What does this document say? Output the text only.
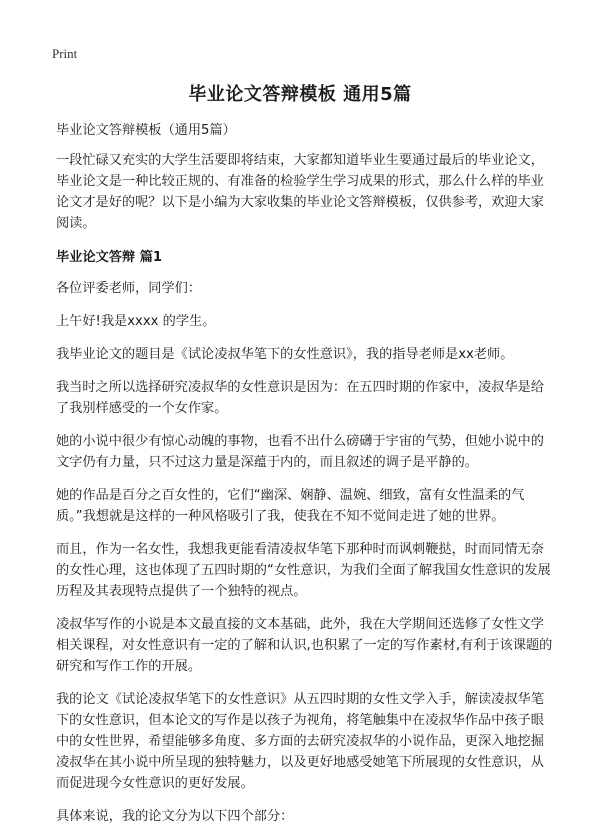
Print
毕业论文答辩模板 通用5篇

毕业论文答辩模板（通用5篇）

一段忙碌又充实的大学生活要即将结束，大家都知道毕业生要通过最后的毕业论文，毕业论文是一种比较正规的、有准备的检验学生学习成果的形式，那么什么样的毕业论文才是好的呢？以下是小编为大家收集的毕业论文答辩模板，仅供参考，欢迎大家阅读。

毕业论文答辩 篇1

各位评委老师，同学们：

上午好!我是xxxx 的学生。

我毕业论文的题目是《试论凌叔华笔下的女性意识》，我的指导老师是xx老师。

我当时之所以选择研究凌叔华的女性意识是因为：在五四时期的作家中，凌叔华是给了我别样感受的一个女作家。

她的小说中很少有惊心动魄的事物，也看不出什么磅礴于宇宙的气势，但她小说中的文字仍有力量，只不过这力量是深蕴于内的，而且叙述的调子是平静的。

她的作品是百分之百女性的，它们“幽深、娴静、温婉、细致，富有女性温柔的气质。”我想就是这样的一种风格吸引了我，使我在不知不觉间走进了她的世界。

而且，作为一名女性，我想我更能看清凌叔华笔下那种时而讽刺鞭挞，时而同情无奈的女性心理，这也体现了五四时期的“女性意识，为我们全面了解我国女性意识的发展历程及其表现特点提供了一个独特的视点。

凌叔华写作的小说是本文最直接的文本基础，此外，我在大学期间还选修了女性文学相关课程，对女性意识有一定的了解和认识,也积累了一定的写作素材,有利于该课题的研究和写作工作的开展。

我的论文《试论凌叔华笔下的女性意识》从五四时期的女性文学入手，解读凌叔华笔下的女性意识，但本论文的写作是以孩子为视角，将笔触集中在凌叔华作品中孩子眼中的女性世界，希望能够多角度、多方面的去研究凌叔华的小说作品，更深入地挖掘凌叔华在其小说中所呈现的独特魅力，以及更好地感受她笔下所展现的女性意识，从而促进现今女性意识的更好发展。

具体来说，我的论文分为以下四个部分：
